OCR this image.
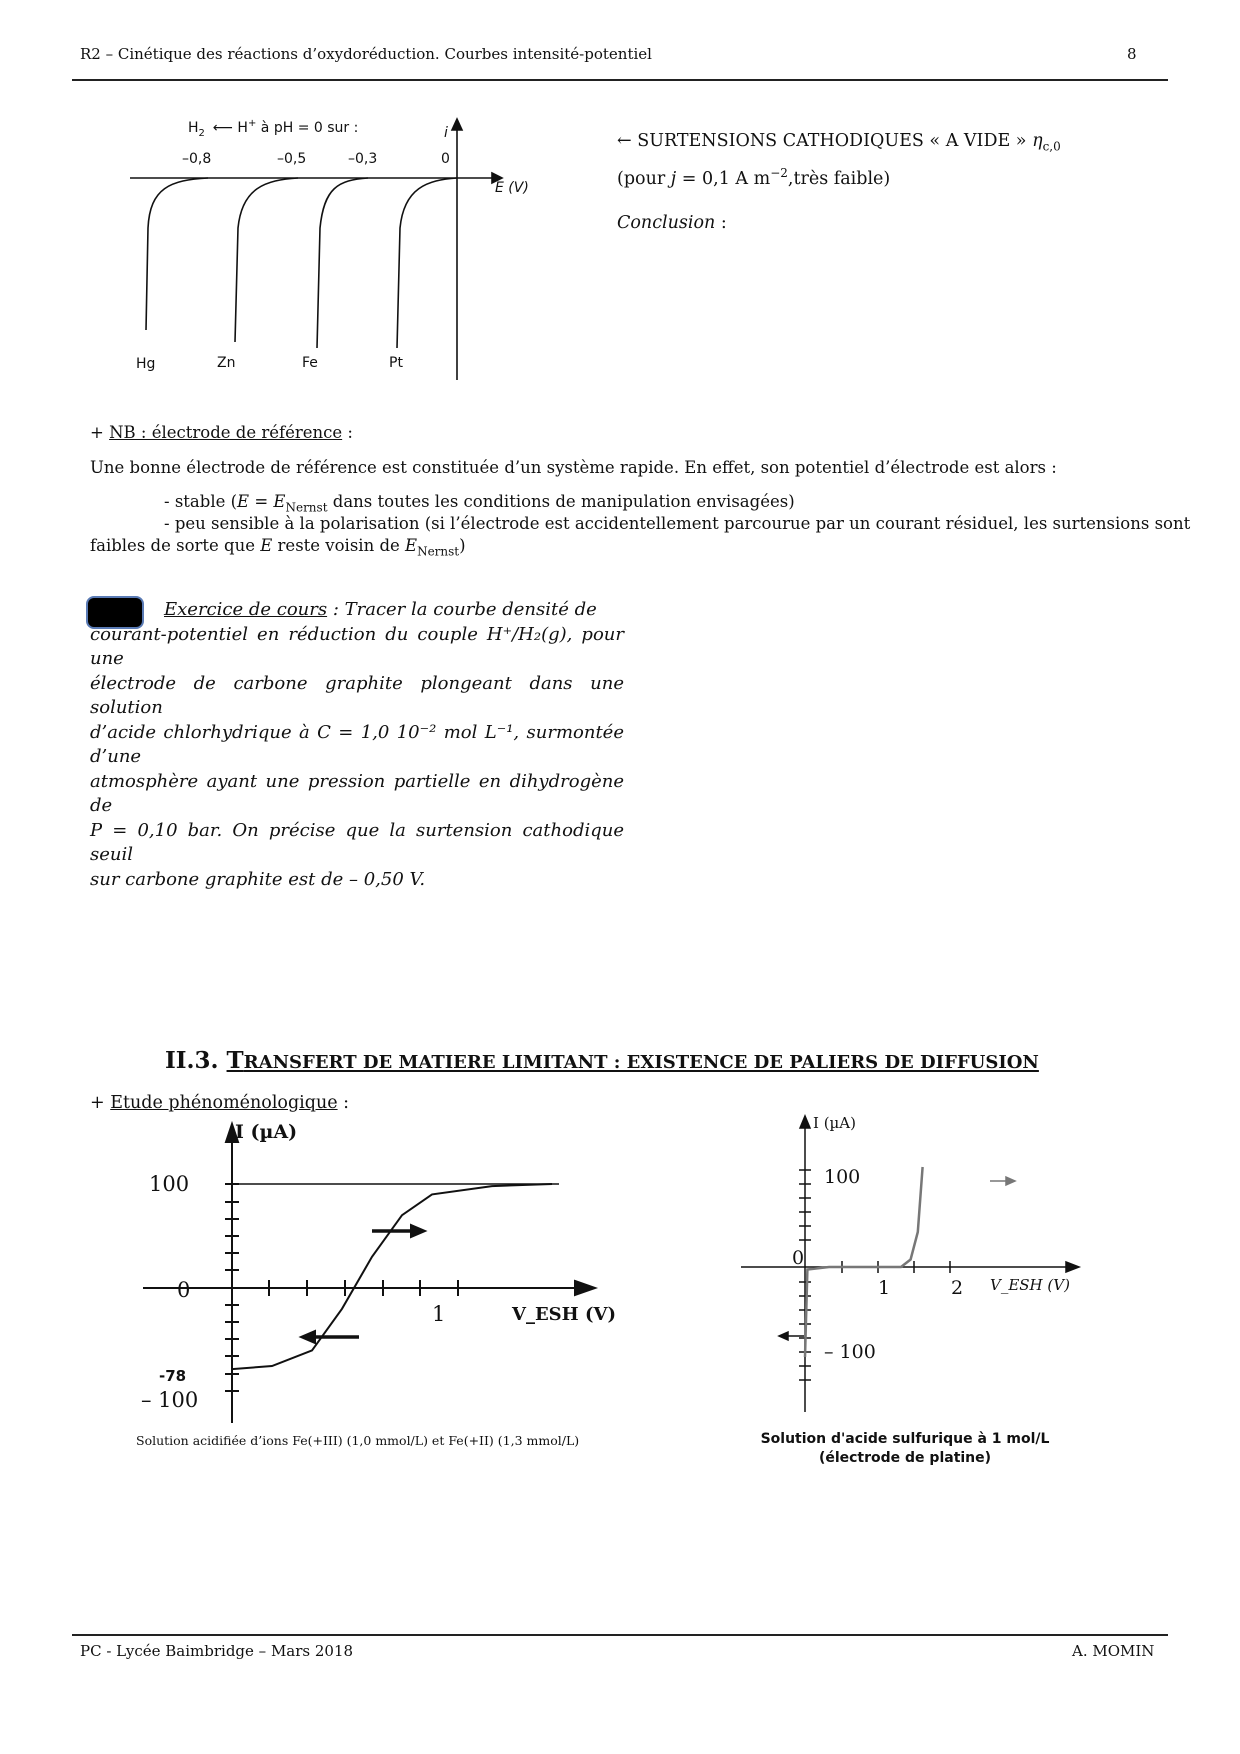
R2 – Cinétique des réactions d’oxydoréduction. Courbes intensité-potentiel	8
$H_2$ ⟵ H+ à pH = 0 sur :
–0,8	–0,5	–0,3	0
i
E (V)
Hg	Zn	Fe	Pt
← SURTENSIONS CATHODIQUES « A VIDE » $\eta_{c,0}$
(pour j = 0,1 A $m^{-2},très$ faible)
Conclusion :
+ NB : électrode de référence :
Une bonne électrode de référence est constituée d’un système rapide. En effet, son potentiel d’électrode est alors :
- stable ($E = E_{Nernst}$ dans toutes les conditions de manipulation envisagées)
- peu sensible à la polarisation (si l’électrode est accidentellement parcourue par un courant résiduel, les surtensions sont
faibles de sorte que E reste voisin de $E_{Nernst}$)
Exercice de cours : Tracer la courbe densité de
courant-potentiel en réduction du couple H⁺/H₂(g), pour une
électrode de carbone graphite plongeant dans une solution
d’acide chlorhydrique à C = 1,0 10⁻² mol L⁻¹, surmontée d’une
atmosphère ayant une pression partielle en dihydrogène de
P = 0,10 bar. On précise que la surtension cathodique seuil
sur carbone graphite est de – 0,50 V.
II.3. TRANSFERT DE MATIERE LIMITANT : EXISTENCE DE PALIERS DE DIFFUSION
+ Etude phénoménologique :
I (µA)
100
0
-78
– 100
1	V_ESH (V)
Solution acidifiée d’ions Fe(+III) (1,0 mmol/L) et Fe(+II) (1,3 mmol/L)
I (µA)
100
0
– 100
1	2 V_ESH (V)
Solution d'acide sulfurique à 1 mol/L
(électrode de platine)
PC - Lycée Baimbridge – Mars 2018	A. MOMIN
